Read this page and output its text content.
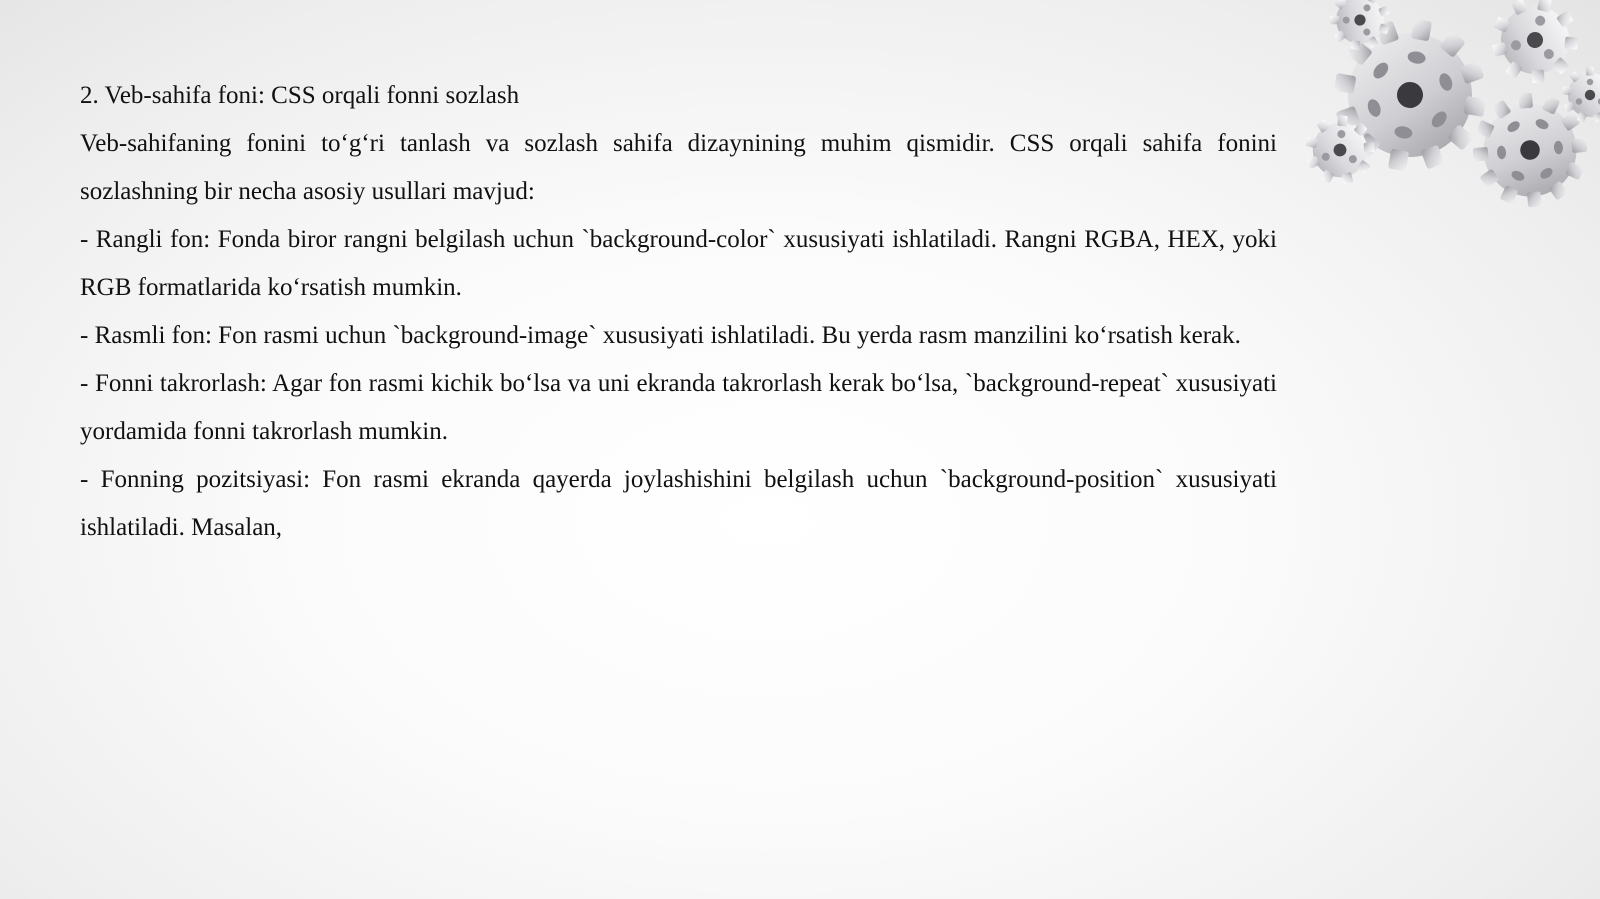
2. Veb-sahifa foni: CSS orqali fonni sozlash

Veb-sahifaning fonini to‘g‘ri tanlash va sozlash sahifa dizaynining muhim qismidir. CSS orqali sahifa fonini sozlashning bir necha asosiy usullari mavjud:

- Rangli fon: Fonda biror rangni belgilash uchun `background-color` xususiyati ishlatiladi. Rangni RGBA, HEX, yoki RGB formatlarida ko‘rsatish mumkin.

- Rasmli fon: Fon rasmi uchun `background-image` xususiyati ishlatiladi. Bu yerda rasm manzilini ko‘rsatish kerak.

- Fonni takrorlash: Agar fon rasmi kichik bo‘lsa va uni ekranda takrorlash kerak bo‘lsa, `background-repeat` xususiyati yordamida fonni takrorlash mumkin.

- Fonning pozitsiyasi: Fon rasmi ekranda qayerda joylashishini belgilash uchun `background-position` xususiyati ishlatiladi. Masalan,
